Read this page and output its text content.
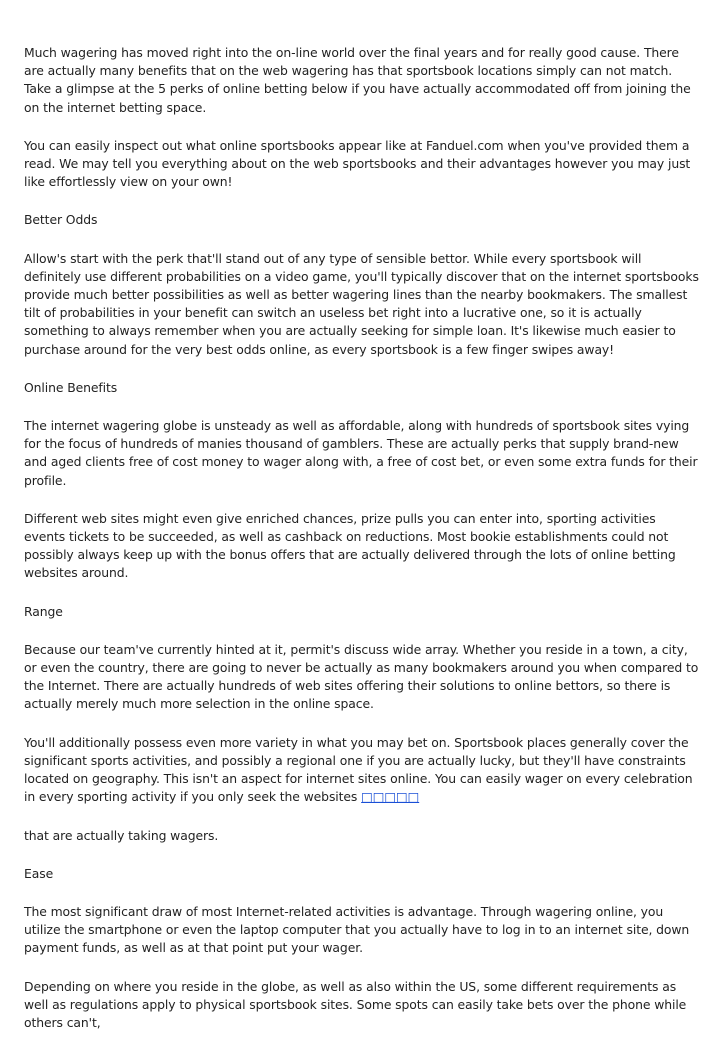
Much wagering has moved right into the on-line world over the final years and for really good cause. There are actually many benefits that on the web wagering has that sportsbook locations simply can not match. Take a glimpse at the 5 perks of online betting below if you have actually accommodated off from joining the on the internet betting space.

You can easily inspect out what online sportsbooks appear like at Fanduel.com when you've provided them a read. We may tell you everything about on the web sportsbooks and their advantages however you may just like effortlessly view on your own!

Better Odds

Allow's start with the perk that'll stand out of any type of sensible bettor. While every sportsbook will definitely use different probabilities on a video game, you'll typically discover that on the internet sportsbooks provide much better possibilities as well as better wagering lines than the nearby bookmakers. The smallest tilt of probabilities in your benefit can switch an useless bet right into a lucrative one, so it is actually something to always remember when you are actually seeking for simple loan. It's likewise much easier to purchase around for the very best odds online, as every sportsbook is a few finger swipes away!

Online Benefits

The internet wagering globe is unsteady as well as affordable, along with hundreds of sportsbook sites vying for the focus of hundreds of manies thousand of gamblers. These are actually perks that supply brand-new and aged clients free of cost money to wager along with, a free of cost bet, or even some extra funds for their profile.

Different web sites might even give enriched chances, prize pulls you can enter into, sporting activities events tickets to be succeeded, as well as cashback on reductions. Most bookie establishments could not possibly always keep up with the bonus offers that are actually delivered through the lots of online betting websites around.

Range

Because our team've currently hinted at it, permit's discuss wide array. Whether you reside in a town, a city, or even the country, there are going to never be actually as many bookmakers around you when compared to the Internet. There are actually hundreds of web sites offering their solutions to online bettors, so there is actually merely much more selection in the online space.

You'll additionally possess even more variety in what you may bet on. Sportsbook places generally cover the significant sports activities, and possibly a regional one if you are actually lucky, but they'll have constraints located on geography. This isn't an aspect for internet sites online. You can easily wager on every celebration in every sporting activity if you only seek the websites □□□□□

that are actually taking wagers.

Ease

The most significant draw of most Internet-related activities is advantage. Through wagering online, you utilize the smartphone or even the laptop computer that you actually have to log in to an internet site, down payment funds, as well as at that point put your wager.

Depending on where you reside in the globe, as well as also within the US, some different requirements as well as regulations apply to physical sportsbook sites. Some spots can easily take bets over the phone while others can't,
